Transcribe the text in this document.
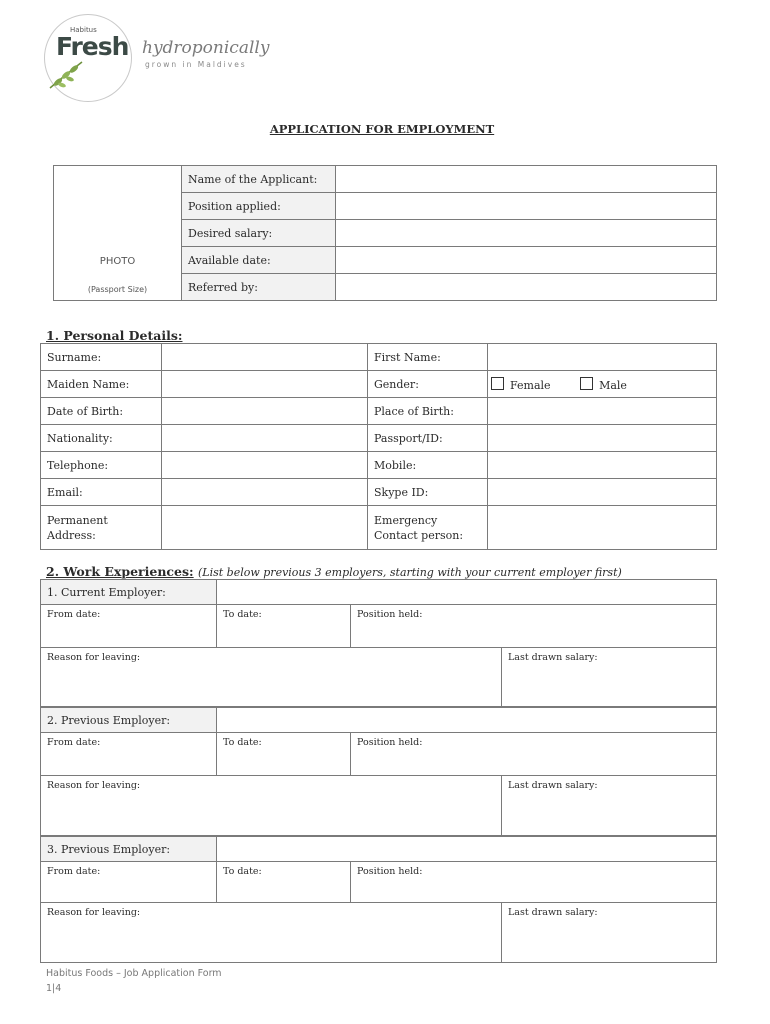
Habitus
Fresh hydroponically
grown in Maldives
APPLICATION FOR EMPLOYMENT
PHOTO
(Passport Size)	Name of the Applicant:	
	Position applied:	
	Desired salary:	
	Available date:	
	Referred by:	
1. Personal Details:
Surname:		First Name:	
Maiden Name:		Gender:	Female Male
Date of Birth:		Place of Birth:	
Nationality:		Passport/ID:	
Telephone:		Mobile:	
Email:		Skype ID:	
Permanent
Address:		Emergency
Contact person:	
2. Work Experiences: (List below previous 3 employers, starting with your current employer first)
1. Current Employer:			
From date:	To date:	Position held:	
Reason for leaving:			Last drawn salary:
2. Previous Employer:			
From date:	To date:	Position held:	
Reason for leaving:			Last drawn salary:
3. Previous Employer:			
From date:	To date:	Position held:	
Reason for leaving:			Last drawn salary:
Habitus Foods – Job Application Form
1|4
